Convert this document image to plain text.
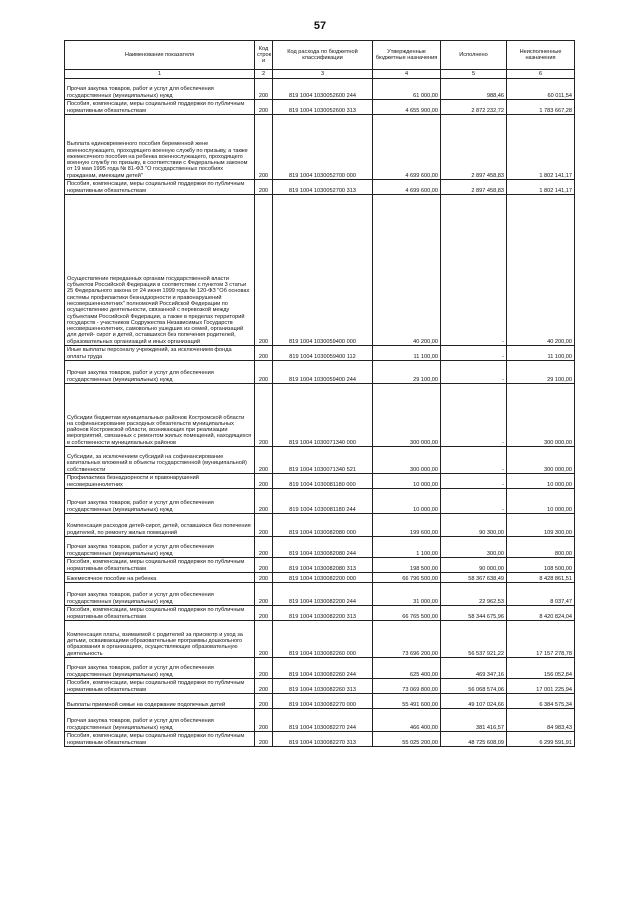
57
Наименование показателя	Код строк и	Код расхода по бюджетной классификации	Утвержденные бюджетные назначения	Исполнено	Неисполненные назначения
1	2	3	4	5	6
Прочая закупка товаров, работ и услуг для обеспечения государственных (муниципальных) нужд	200	819 1004 1030052600 244	61 000,00	988,46	60 011,54
Пособия, компенсации, меры социальной поддержки по публичным нормативным обязательствам	200	819 1004 1030052600 313	4 655 900,00	2 872 232,72	1 783 667,28
Выплата единовременного пособия беременной жене военнослужащего, проходящего военную службу по призыву, а также ежемесячного пособия на ребенка военнослужащего, проходящего военную службу по призыву, в соответствии с Федеральным законом от 19 мая 1995 года № 81-ФЗ "О государственных пособиях гражданам, имеющим детей"	200	819 1004 1030052700 000	4 699 600,00	2 897 458,83	1 802 141,17
Пособия, компенсации, меры социальной поддержки по публичным нормативным обязательствам	200	819 1004 1030052700 313	4 699 600,00	2 897 458,83	1 802 141,17
Осуществление переданных органам государственной власти субъектов Российской Федерации в соответствии с пунктом 3 статьи 25 Федерального закона от 24 июня 1999 года № 120-ФЗ "Об основах системы профилактики безнадзорности и правонарушений несовершеннолетних" полномочий Российской Федерации по осуществлению деятельности, связанной с перевозкой между субъектами Российской Федерации, а также в пределах территорий государств - участников Содружества Независимых Государств несовершеннолетних, самовольно ушедших из семей, организаций для детей- сирот и детей, оставшихся без попечения родителей, образовательных организаций и иных организаций	200	819 1004 1030059400 000	40 200,00	-	40 200,00
Иные выплаты персоналу учреждений, за исключением фонда оплаты труда	200	819 1004 1030059400 112	11 100,00	-	11 100,00
Прочая закупка товаров, работ и услуг для обеспечения государственных (муниципальных) нужд	200	819 1004 1030059400 244	29 100,00	-	29 100,00
Субсидии бюджетам муниципальных районов Костромской области на софинансирование расходных обязательств муниципальных районов Костромской области, возникающих при реализации мероприятий, связанных с ремонтом жилых помещений, находящихся в собственности муниципальных районов	200	819 1004 1030071340 000	300 000,00	-	300 000,00
Субсидии, за исключением субсидий на софинансирование капитальных вложений в объекты государственной (муниципальной) собственности	200	819 1004 1030071340 521	300 000,00	-	300 000,00
Профилактика безнадзорности и правонарушений несовершеннолетних	200	819 1004 1030081180 000	10 000,00	-	10 000,00
Прочая закупка товаров, работ и услуг для обеспечения государственных (муниципальных) нужд	200	819 1004 1030081180 244	10 000,00	-	10 000,00
Компенсация расходов детей-сирот, детей, оставшихся без попечения родителей, по ремонту жилых помещений	200	819 1004 1030082080 000	199 600,00	90 300,00	109 300,00
Прочая закупка товаров, работ и услуг для обеспечения государственных (муниципальных) нужд	200	819 1004 1030082080 244	1 100,00	300,00	800,00
Пособия, компенсации, меры социальной поддержки по публичным нормативным обязательствам	200	819 1004 1030082080 313	198 500,00	90 000,00	108 500,00
Ежемесячное пособие на ребенка	200	819 1004 1030082200 000	66 796 500,00	58 367 638,49	8 428 861,51
Прочая закупка товаров, работ и услуг для обеспечения государственных (муниципальных) нужд	200	819 1004 1030082200 244	31 000,00	22 962,53	8 037,47
Пособия, компенсации, меры социальной поддержки по публичным нормативным обязательствам	200	819 1004 1030082200 313	66 765 500,00	58 344 675,96	8 420 824,04
Компенсация платы, взимаемой с родителей за присмотр и уход за детьми, осваивающими образовательные программы дошкольного образования в организациях, осуществляющих образовательную деятельность	200	819 1004 1030082260 000	73 696 200,00	56 537 921,22	17 157 278,78
Прочая закупка товаров, работ и услуг для обеспечения государственных (муниципальных) нужд	200	819 1004 1030082260 244	625 400,00	469 347,16	156 052,84
Пособия, компенсации, меры социальной поддержки по публичным нормативным обязательствам	200	819 1004 1030082260 313	73 069 800,00	56 068 574,06	17 001 225,94
Выплаты приемной семье на содержание подопечных детей	200	819 1004 1030082270 000	55 491 600,00	49 107 024,66	6 384 575,34
Прочая закупка товаров, работ и услуг для обеспечения государственных (муниципальных) нужд	200	819 1004 1030082270 244	466 400,00	381 416,57	84 983,43
Пособия, компенсации, меры социальной поддержки по публичным нормативным обязательствам	200	819 1004 1030082270 313	55 025 200,00	48 725 608,09	6 299 591,91
